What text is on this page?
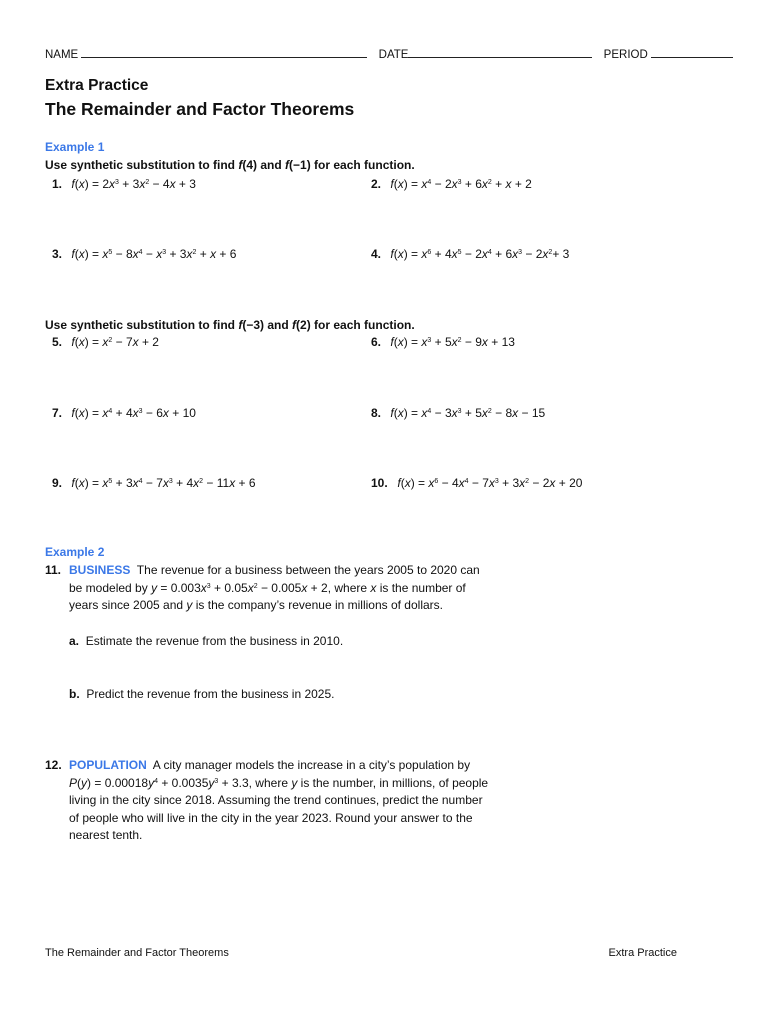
NAME	DATE	PERIOD
Extra Practice
The Remainder and Factor Theorems
Example 1
Use synthetic substitution to find f(4) and f(−1) for each function.
1. $f(x) = 2x^3 + 3x^2 - 4x + 3$	2. $f(x) = x^4 - 2x^3 + 6x^2 + x + 2$
3. $f(x) = x^5 - 8x^4 - x^3 + 3x^2 + x + 6$	4. $f(x) = x^6 + 4x^5 - 2x^4 + 6x^3 - 2x^2+ 3$
Use synthetic substitution to find f(−3) and f(2) for each function.
5. $f(x) = x^2 - 7x + 2$	6. $f(x) = x^3 + 5x^2 - 9x + 13$
7. $f(x) = x^4 + 4x^3 - 6x + 10$	8. $f(x) = x^4 - 3x^3 + 5x^2 - 8x - 15$
9. $f(x) = x^5 + 3x^4 - 7x^3 + 4x^2 - 11x + 6$	10. $f(x) = x^6 - 4x^4 - 7x^3 + 3x^2 - 2x + 20$
Example 2
11. BUSINESS  The revenue for a business between the years 2005 to 2020 can be modeled by $y = 0.003x^3 + 0.05x^2 - 0.005x + 2$, where x is the number of years since 2005 and y is the company’s revenue in millions of dollars.
a. Estimate the revenue from the business in 2010.
b. Predict the revenue from the business in 2025.
12. POPULATION  A city manager models the increase in a city’s population by $P(y) = 0.00018y^4 + 0.0035y^3 + 3.3$, where y is the number, in millions, of people living in the city since 2018. Assuming the trend continues, predict the number of people who will live in the city in the year 2023. Round your answer to the nearest tenth.
The Remainder and Factor Theorems	Extra Practice
